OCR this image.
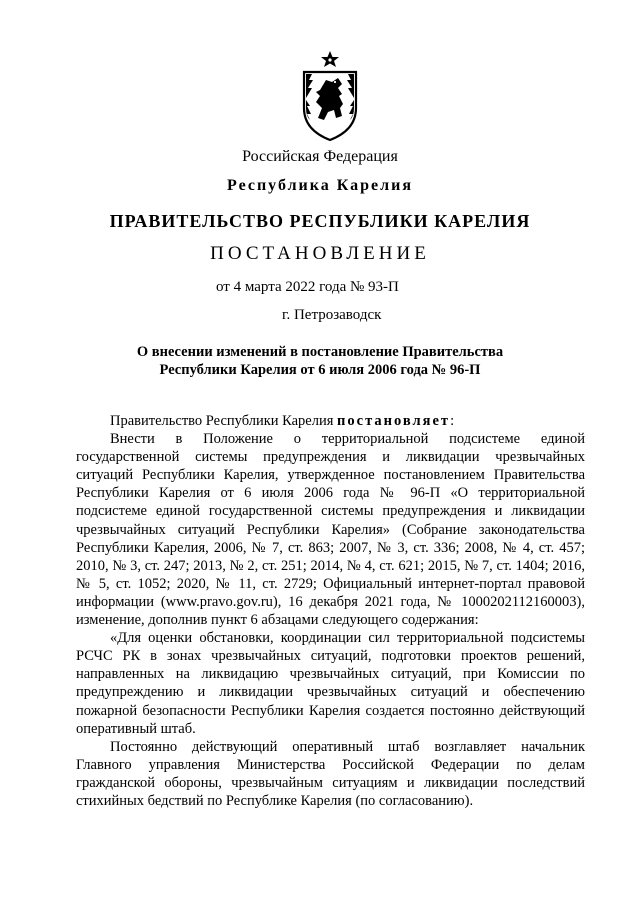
Российская Федерация
Республика Карелия
ПРАВИТЕЛЬСТВО РЕСПУБЛИКИ КАРЕЛИЯ
ПОСТАНОВЛЕНИЕ
от 4 марта 2022 года № 93-П
г. Петрозаводск
О внесении изменений в постановление Правительства Республики Карелия от 6 июля 2006 года № 96-П

Правительство Республики Карелия постановляет:

Внести в Положение о территориальной подсистеме единой государственной системы предупреждения и ликвидации чрезвычайных ситуаций Республики Карелия, утвержденное постановлением Правительства Республики Карелия от 6 июля 2006 года № 96-П «О территориальной подсистеме единой государственной системы предупреждения и ликвидации чрезвычайных ситуаций Республики Карелия» (Собрание законодательства Республики Карелия, 2006, № 7, ст. 863; 2007, № 3, ст. 336; 2008, № 4, ст. 457; 2010, № 3, ст. 247; 2013, № 2, ст. 251; 2014, № 4, ст. 621; 2015, № 7, ст. 1404; 2016, № 5, ст. 1052; 2020, № 11, ст. 2729; Официальный интернет-портал правовой информации (www.pravo.gov.ru), 16 декабря 2021 года, № 1000202112160003), изменение, дополнив пункт 6 абзацами следующего содержания:

«Для оценки обстановки, координации сил территориальной подсистемы РСЧС РК в зонах чрезвычайных ситуаций, подготовки проектов решений, направленных на ликвидацию чрезвычайных ситуаций, при Комиссии по предупреждению и ликвидации чрезвычайных ситуаций и обеспечению пожарной безопасности Республики Карелия создается постоянно действующий оперативный штаб.

Постоянно действующий оперативный штаб возглавляет начальник Главного управления Министерства Российской Федерации по делам гражданской обороны, чрезвычайным ситуациям и ликвидации последствий стихийных бедствий по Республике Карелия (по согласованию).
